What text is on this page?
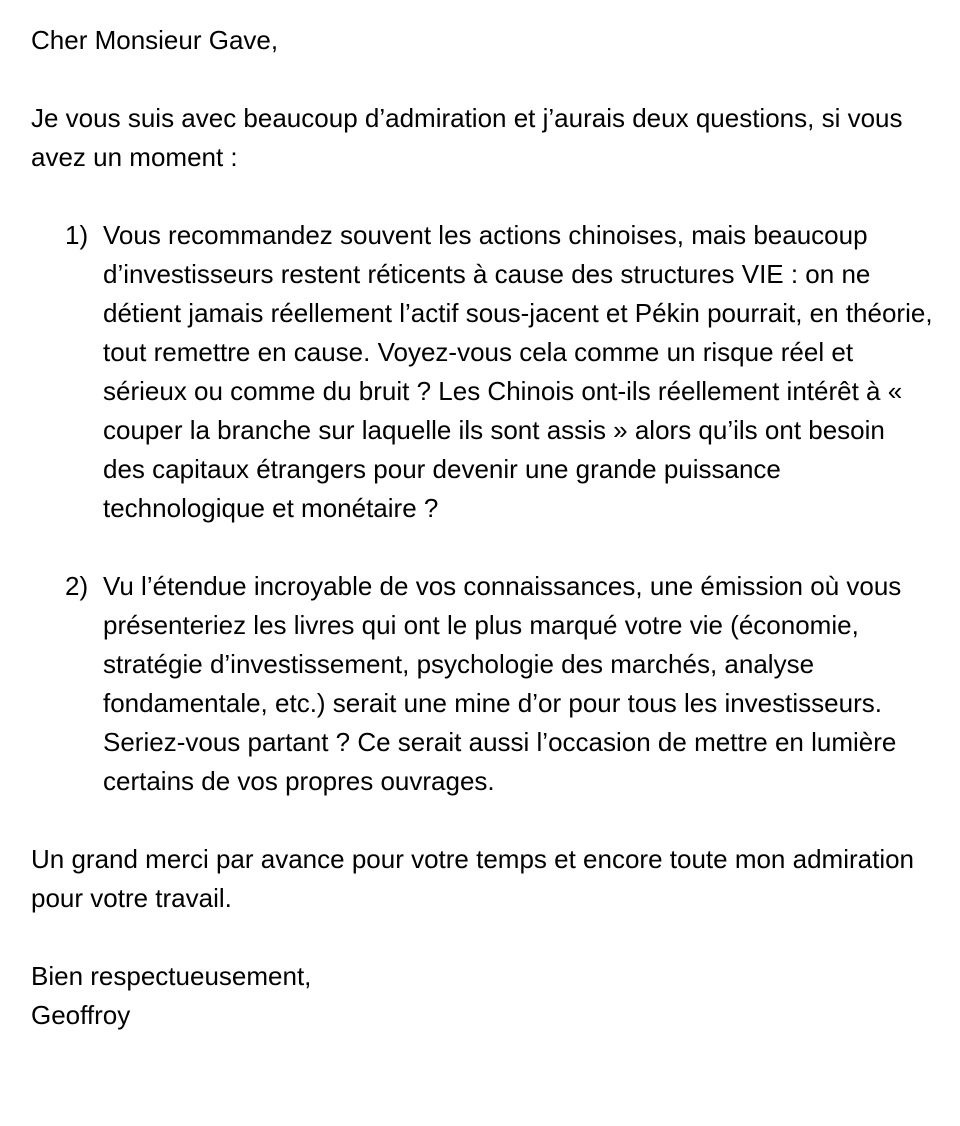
Cher Monsieur Gave,

Je vous suis avec beaucoup d’admiration et j’aurais deux questions, si vous avez un moment :

1) Vous recommandez souvent les actions chinoises, mais beaucoup d’investisseurs restent réticents à cause des structures VIE : on ne détient jamais réellement l’actif sous-jacent et Pékin pourrait, en théorie, tout remettre en cause. Voyez-vous cela comme un risque réel et sérieux ou comme du bruit ? Les Chinois ont-ils réellement intérêt à « couper la branche sur laquelle ils sont assis » alors qu’ils ont besoin des capitaux étrangers pour devenir une grande puissance technologique et monétaire ?
2) Vu l’étendue incroyable de vos connaissances, une émission où vous présenteriez les livres qui ont le plus marqué votre vie (économie, stratégie d’investissement, psychologie des marchés, analyse fondamentale, etc.) serait une mine d’or pour tous les investisseurs. Seriez-vous partant ? Ce serait aussi l’occasion de mettre en lumière certains de vos propres ouvrages.

Un grand merci par avance pour votre temps et encore toute mon admiration pour votre travail.

Bien respectueusement,

Geoffroy
